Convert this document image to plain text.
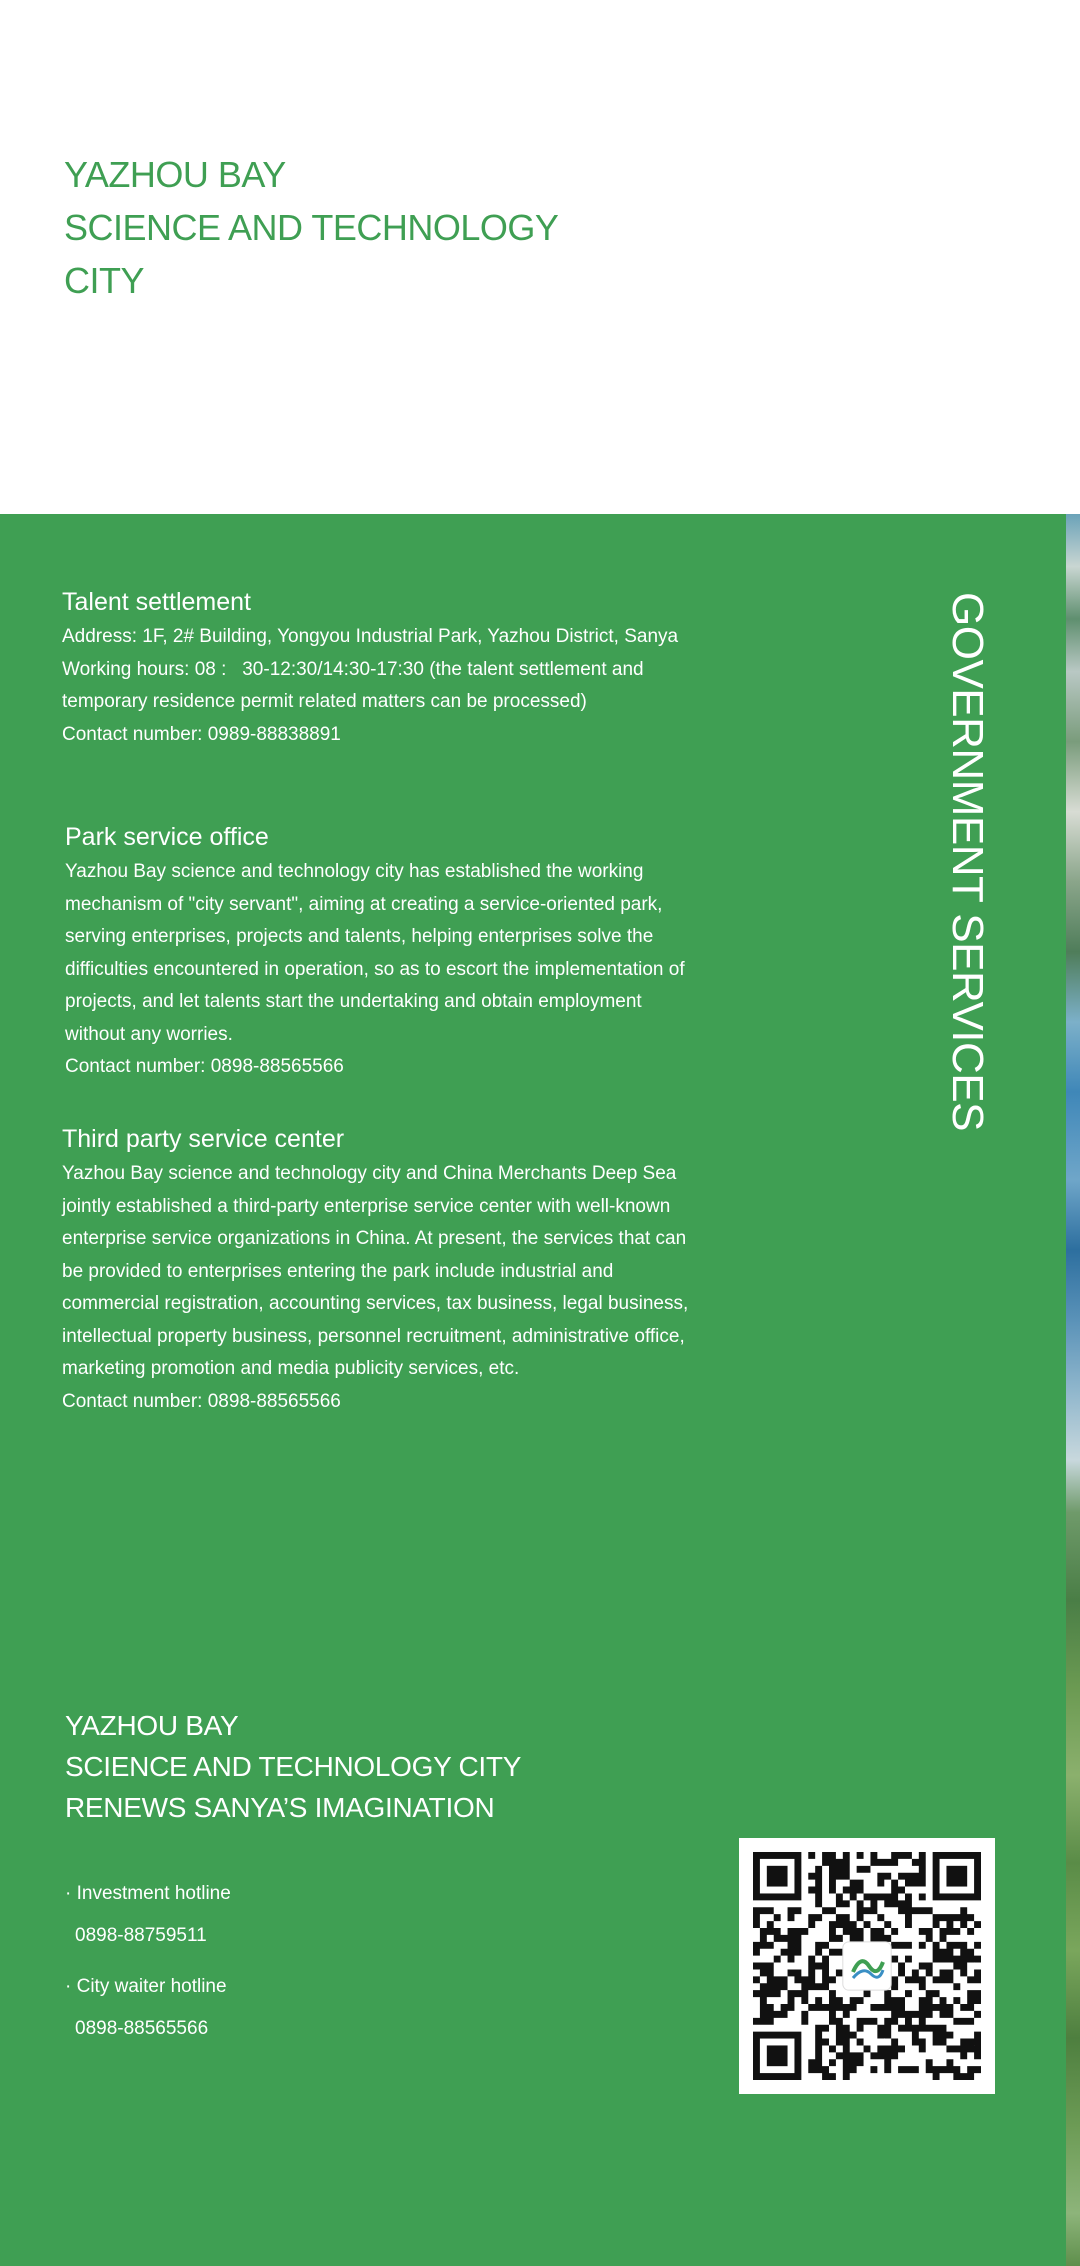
YAZHOU BAY
SCIENCE AND TECHNOLOGY
CITY
GOVERNMENT SERVICES
Talent settlement
Address: 1F, 2# Building, Yongyou Industrial Park, Yazhou District, Sanya
Working hours: 08 :   30-12:30/14:30-17:30 (the talent settlement and
temporary residence permit related matters can be processed)
Contact number: 0989-88838891
Park service office
Yazhou Bay science and technology city has established the working
mechanism of "city servant", aiming at creating a service-oriented park,
serving enterprises, projects and talents, helping enterprises solve the
difficulties encountered in operation, so as to escort the implementation of
projects, and let talents start the undertaking and obtain employment
without any worries.
Contact number: 0898-88565566
Third party service center
Yazhou Bay science and technology city and China Merchants Deep Sea
jointly established a third-party enterprise service center with well-known
enterprise service organizations in China. At present, the services that can
be provided to enterprises entering the park include industrial and
commercial registration, accounting services, tax business, legal business,
intellectual property business, personnel recruitment, administrative office,
marketing promotion and media publicity services, etc.
Contact number: 0898-88565566
YAZHOU BAY
SCIENCE AND TECHNOLOGY CITY
RENEWS SANYA’S IMAGINATION
· Investment hotline
0898-88759511
· City waiter hotline
0898-88565566
